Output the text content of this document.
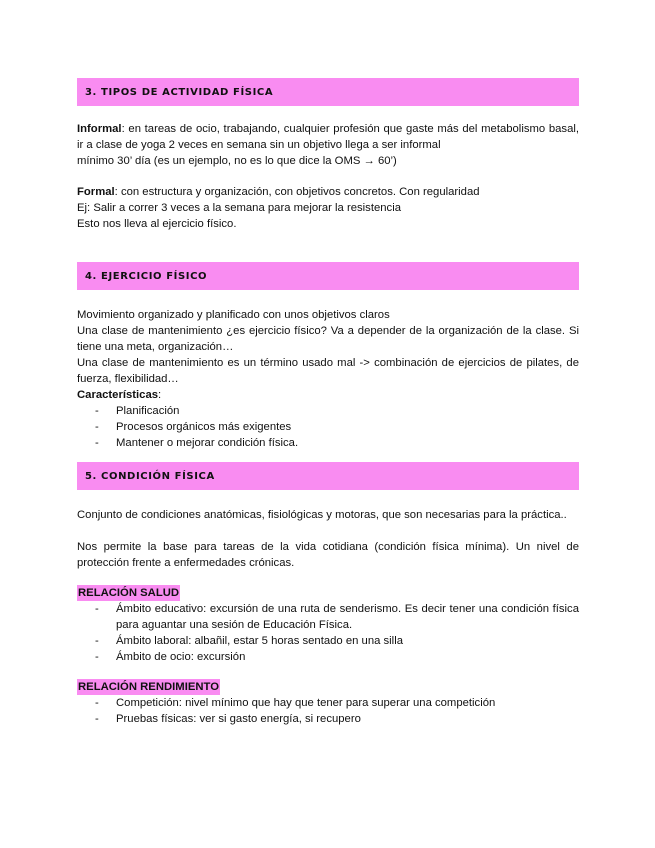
3. TIPOS DE ACTIVIDAD FÍSICA

Informal: en tareas de ocio, trabajando, cualquier profesión que gaste más del metabolismo basal, ir a clase de yoga 2 veces en semana sin un objetivo llega a ser informal

mínimo 30’ día (es un ejemplo, no es lo que dice la OMS → 60’)
Formal: con estructura y organización, con objetivos concretos. Con regularidad
Ej: Salir a correr 3 veces a la semana para mejorar la resistencia
Esto nos lleva al ejercicio físico.
4. EJERCICIO FÍSICO
Movimiento organizado y planificado con unos objetivos claros

Una clase de mantenimiento ¿es ejercicio físico? Va a depender de la organización de la clase. Si tiene una meta, organización…

Una clase de mantenimiento es un término usado mal -> combinación de ejercicios de pilates, de fuerza, flexibilidad…

Características:
- Planificación
- Procesos orgánicos más exigentes
- Mantener o mejorar condición física.
5. CONDICIÓN FÍSICA

Conjunto de condiciones anatómicas, fisiológicas y motoras, que son necesarias para la práctica..

Nos permite la base para tareas de la vida cotidiana (condición física mínima). Un nivel de protección frente a enfermedades crónicas.

RELACIÓN SALUD
- Ámbito educativo: excursión de una ruta de senderismo. Es decir tener una condición física para aguantar una sesión de Educación Física.
- Ámbito laboral: albañil, estar 5 horas sentado en una silla
- Ámbito de ocio: excursión
RELACIÓN RENDIMIENTO
- Competición: nivel mínimo que hay que tener para superar una competición
- Pruebas físicas: ver si gasto energía, si recupero
